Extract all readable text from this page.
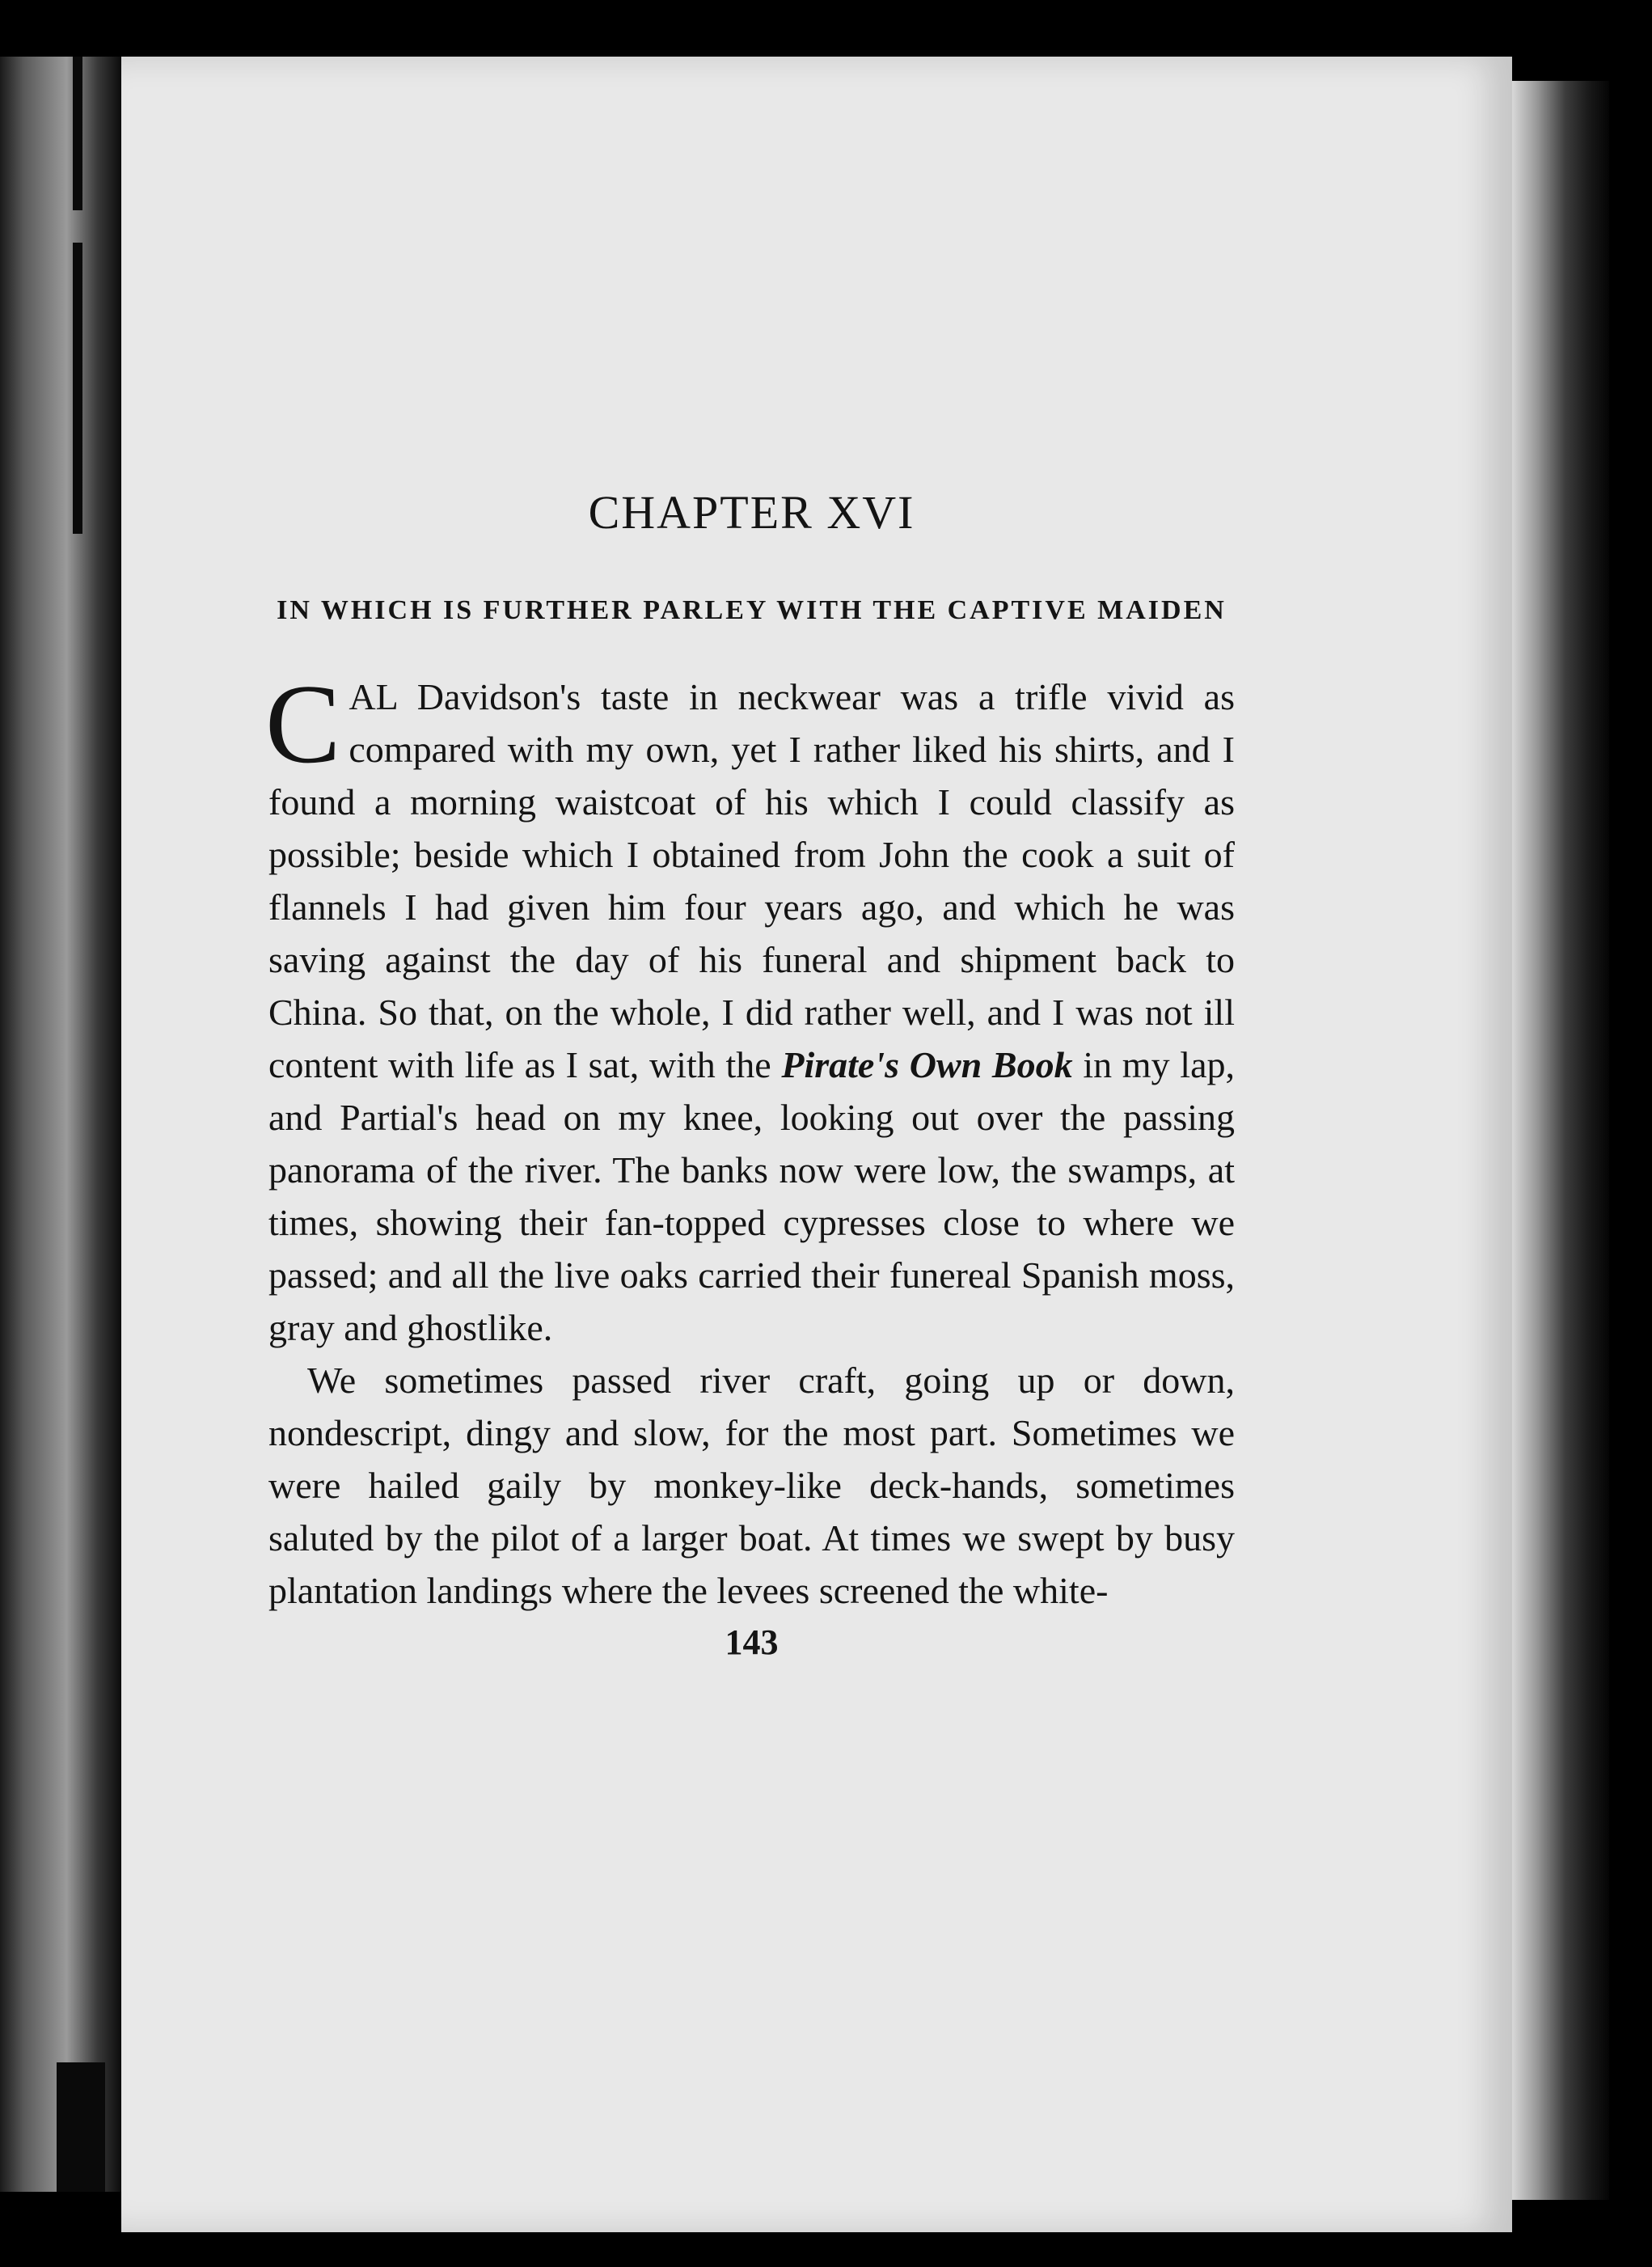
CHAPTER XVI

IN WHICH IS FURTHER PARLEY WITH THE CAPTIVE MAIDEN

CAL Davidson's taste in neckwear was a trifle vivid as compared with my own, yet I rather liked his shirts, and I found a morning waistcoat of his which I could classify as possible; beside which I obtained from John the cook a suit of flannels I had given him four years ago, and which he was saving against the day of his funeral and shipment back to China. So that, on the whole, I did rather well, and I was not ill content with life as I sat, with the Pirate's Own Book in my lap, and Partial's head on my knee, looking out over the passing panorama of the river. The banks now were low, the swamps, at times, showing their fan-topped cypresses close to where we passed; and all the live oaks carried their funereal Spanish moss, gray and ghostlike.

We sometimes passed river craft, going up or down, nondescript, dingy and slow, for the most part. Sometimes we were hailed gaily by monkey-like deck-hands, sometimes saluted by the pilot of a larger boat. At times we swept by busy plantation landings where the levees screened the white-

143
